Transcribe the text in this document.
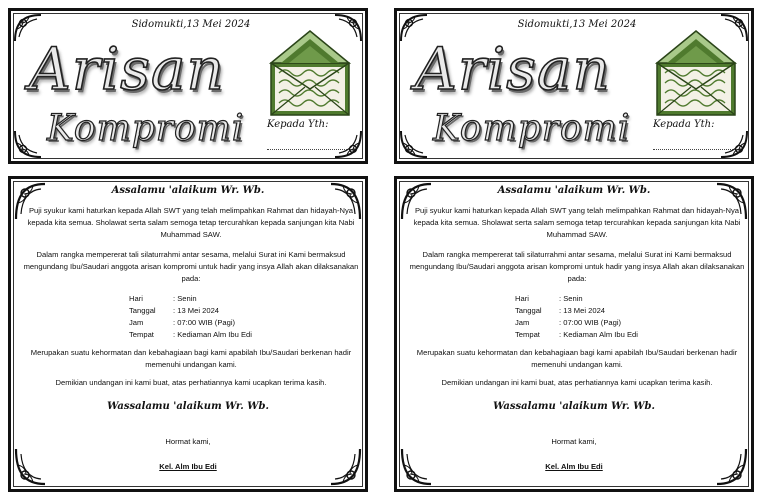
Sidomukti,13 Mei 2024
Arisan
Kompromi	Kepada Yth:
Assalamu 'alaikum Wr. Wb.
Puji syukur kami haturkan kepada Allah SWT yang telah melimpahkan Rahmat dan hidayah-Nya kepada kita semua. Sholawat serta salam semoga tetap tercurahkan kepada sanjungan kita Nabi Muhammad SAW.
Dalam rangka mempererat tali silaturrahmi antar sesama, melalui Surat ini Kami bermaksud mengundang Ibu/Saudari anggota arisan kompromi untuk hadir yang insya Allah akan dilaksanakan pada:
Hari	: Senin
Tanggal	: 13 Mei 2024
Jam	: 07:00 WIB (Pagi)
Tempat	: Kediaman Alm Ibu Edi
Merupakan suatu kehormatan dan kebahagiaan bagi kami apabilah Ibu/Saudari berkenan hadir memenuhi undangan kami.
Demikian undangan ini kami buat, atas perhatiannya kami ucapkan terima kasih.
Wassalamu 'alaikum Wr. Wb.
Hormat kami,
Kel. Alm Ibu Edi
Sidomukti,13 Mei 2024
Arisan
Kompromi	Kepada Yth:
Assalamu 'alaikum Wr. Wb.
Puji syukur kami haturkan kepada Allah SWT yang telah melimpahkan Rahmat dan hidayah-Nya kepada kita semua. Sholawat serta salam semoga tetap tercurahkan kepada sanjungan kita Nabi Muhammad SAW.
Dalam rangka mempererat tali silaturrahmi antar sesama, melalui Surat ini Kami bermaksud mengundang Ibu/Saudari anggota arisan kompromi untuk hadir yang insya Allah akan dilaksanakan pada:
Hari	: Senin
Tanggal	: 13 Mei 2024
Jam	: 07:00 WIB (Pagi)
Tempat	: Kediaman Alm Ibu Edi
Merupakan suatu kehormatan dan kebahagiaan bagi kami apabilah Ibu/Saudari berkenan hadir memenuhi undangan kami.
Demikian undangan ini kami buat, atas perhatiannya kami ucapkan terima kasih.
Wassalamu 'alaikum Wr. Wb.
Hormat kami,
Kel. Alm Ibu Edi
